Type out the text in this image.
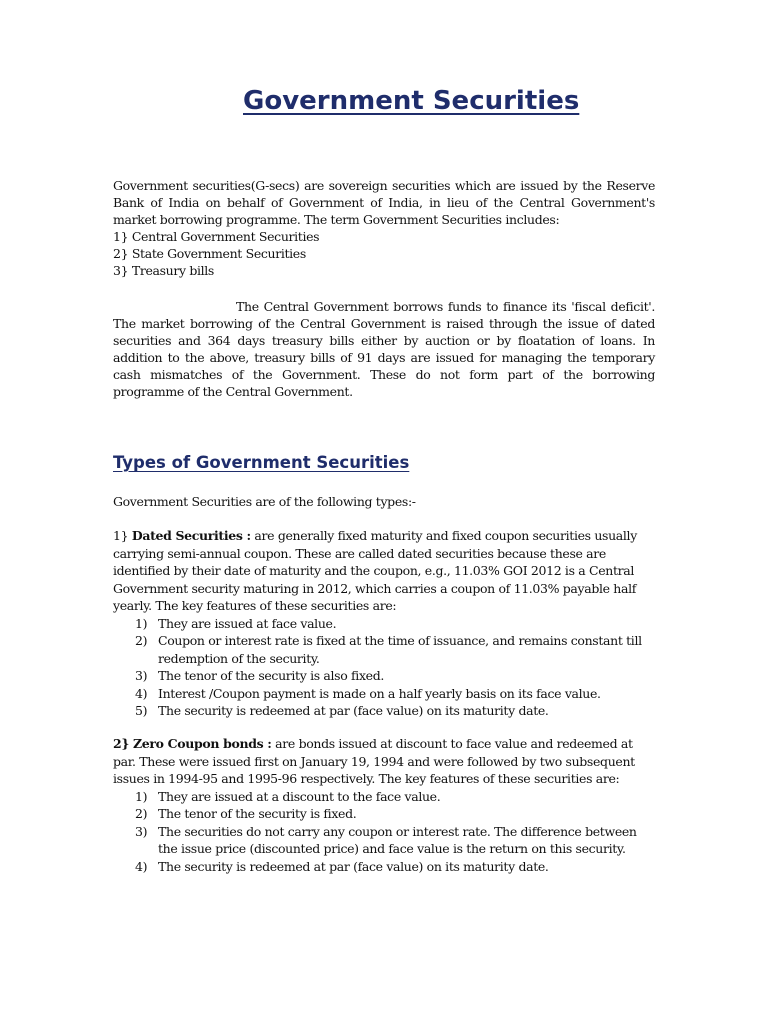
Government Securities

Government securities(G-secs) are sovereign securities which are issued by the Reserve Bank of India on behalf of Government of India, in lieu of the Central Government's market borrowing programme. The term Government Securities includes:

1} Central Government Securities
2} State Government Securities
3} Treasury bills

The Central Government borrows funds to finance its 'fiscal deficit'. The market borrowing of the Central Government is raised through the issue of dated securities and 364 days treasury bills either by auction or by floatation of loans. In addition to the above, treasury bills of 91 days are issued for managing the temporary cash mismatches of the Government. These do not form part of the borrowing programme of the Central Government.

Types of Government Securities

Government Securities are of the following types:-

1} Dated Securities : are generally fixed maturity and fixed coupon securities usually carrying semi-annual coupon. These are called dated securities because these are identified by their date of maturity and the coupon, e.g., 11.03% GOI 2012 is a Central Government security maturing in 2012, which carries a coupon of 11.03% payable half yearly. The key features of these securities are:
1) They are issued at face value.
2) Coupon or interest rate is fixed at the time of issuance, and remains constant till redemption of the security.
3) The tenor of the security is also fixed.
4) Interest /Coupon payment is made on a half yearly basis on its face value.
5) The security is redeemed at par (face value) on its maturity date.
2} Zero Coupon bonds : are bonds issued at discount to face value and redeemed at par. These were issued first on January 19, 1994 and were followed by two subsequent issues in 1994-95 and 1995-96 respectively. The key features of these securities are:
1) They are issued at a discount to the face value.
2) The tenor of the security is fixed.
3) The securities do not carry any coupon or interest rate. The difference between the issue price (discounted price) and face value is the return on this security.
4) The security is redeemed at par (face value) on its maturity date.
